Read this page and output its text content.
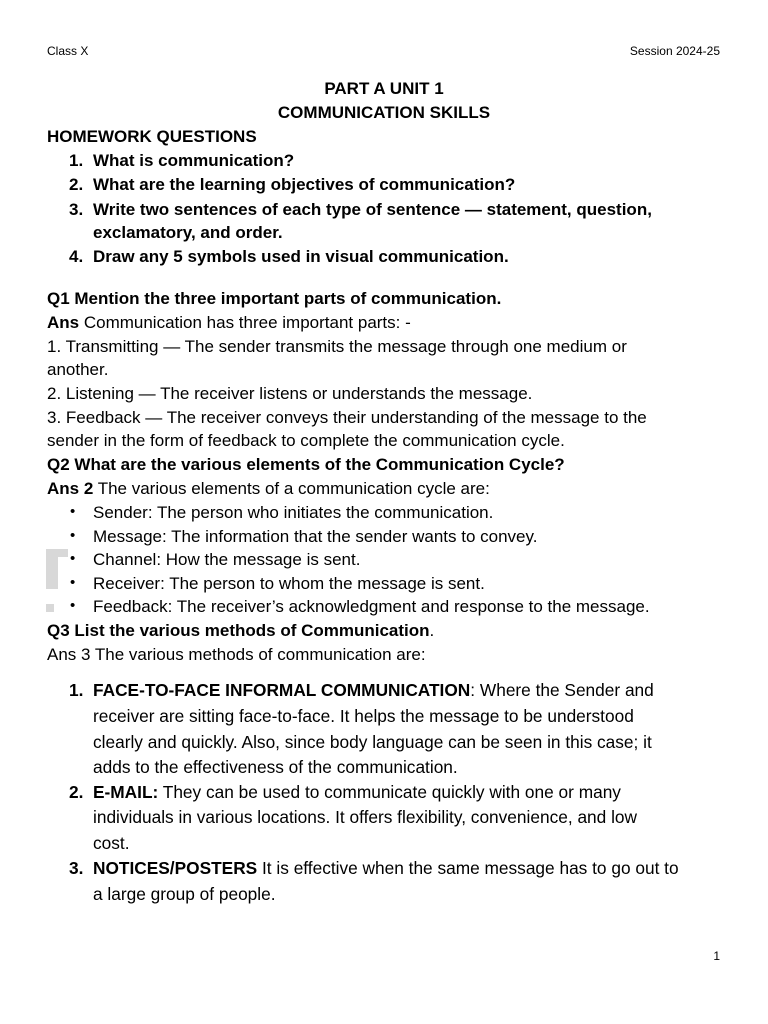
Class X	Session 2024-25
PART A UNIT 1
COMMUNICATION SKILLS
HOMEWORK QUESTIONS
1. What is communication?
2. What are the learning objectives of communication?
3. Write two sentences of each type of sentence — statement, question,
exclamatory, and order.
4. Draw any 5 symbols used in visual communication.
Q1 Mention the three important parts of communication.
Ans Communication has three important parts: -
1. Transmitting — The sender transmits the message through one medium or
another.
2. Listening — The receiver listens or understands the message.
3. Feedback — The receiver conveys their understanding of the message to the
sender in the form of feedback to complete the communication cycle.
Q2 What are the various elements of the Communication Cycle?
Ans 2 The various elements of a communication cycle are:
• Sender: The person who initiates the communication.
• Message: The information that the sender wants to convey.
• Channel: How the message is sent.
• Receiver: The person to whom the message is sent.
• Feedback: The receiver’s acknowledgment and response to the message.
Q3 List the various methods of Communication.
Ans 3 The various methods of communication are:
1. FACE-TO-FACE INFORMAL COMMUNICATION: Where the Sender and
receiver are sitting face-to-face. It helps the message to be understood
clearly and quickly. Also, since body language can be seen in this case; it
adds to the effectiveness of the communication.
2. E-MAIL: They can be used to communicate quickly with one or many
individuals in various locations. It offers flexibility, convenience, and low
cost.
3. NOTICES/POSTERS It is effective when the same message has to go out to
a large group of people.
1
